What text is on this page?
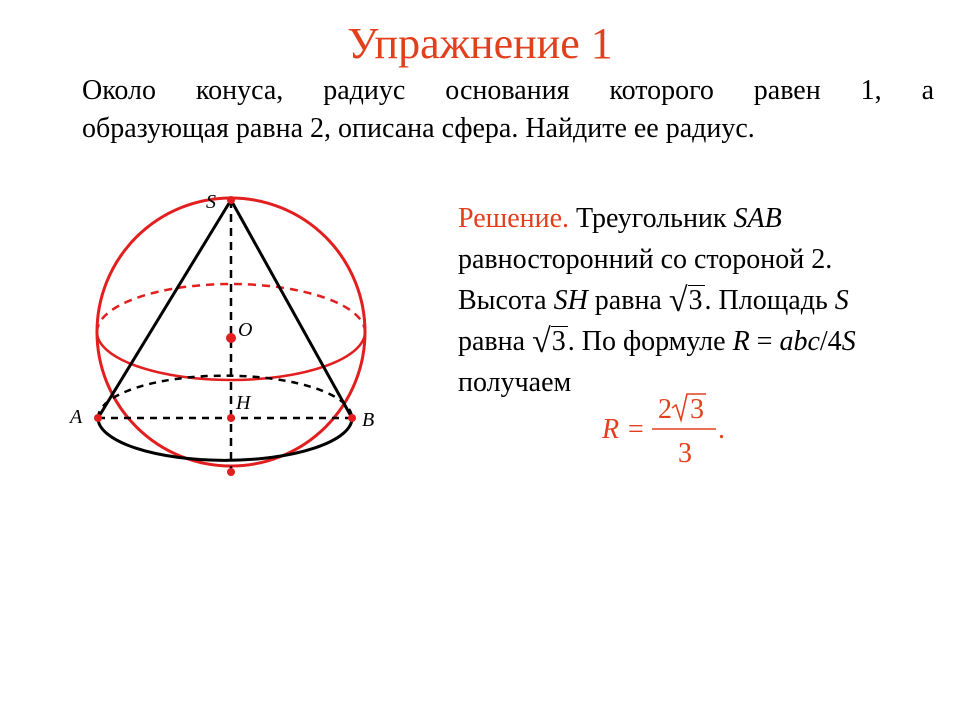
Упражнение 1
Около конуса, радиус основания которого равен 1, а
образующая равна 2, описана сфера. Найдите ее радиус.
S
O
H
A	B
Решение. Треугольник SAB
равносторонний со стороной 2.
Высота SH равна √3. Площадь S
равна √3. По формуле R = abc/4S
получаем
R =
2 3
3
.
